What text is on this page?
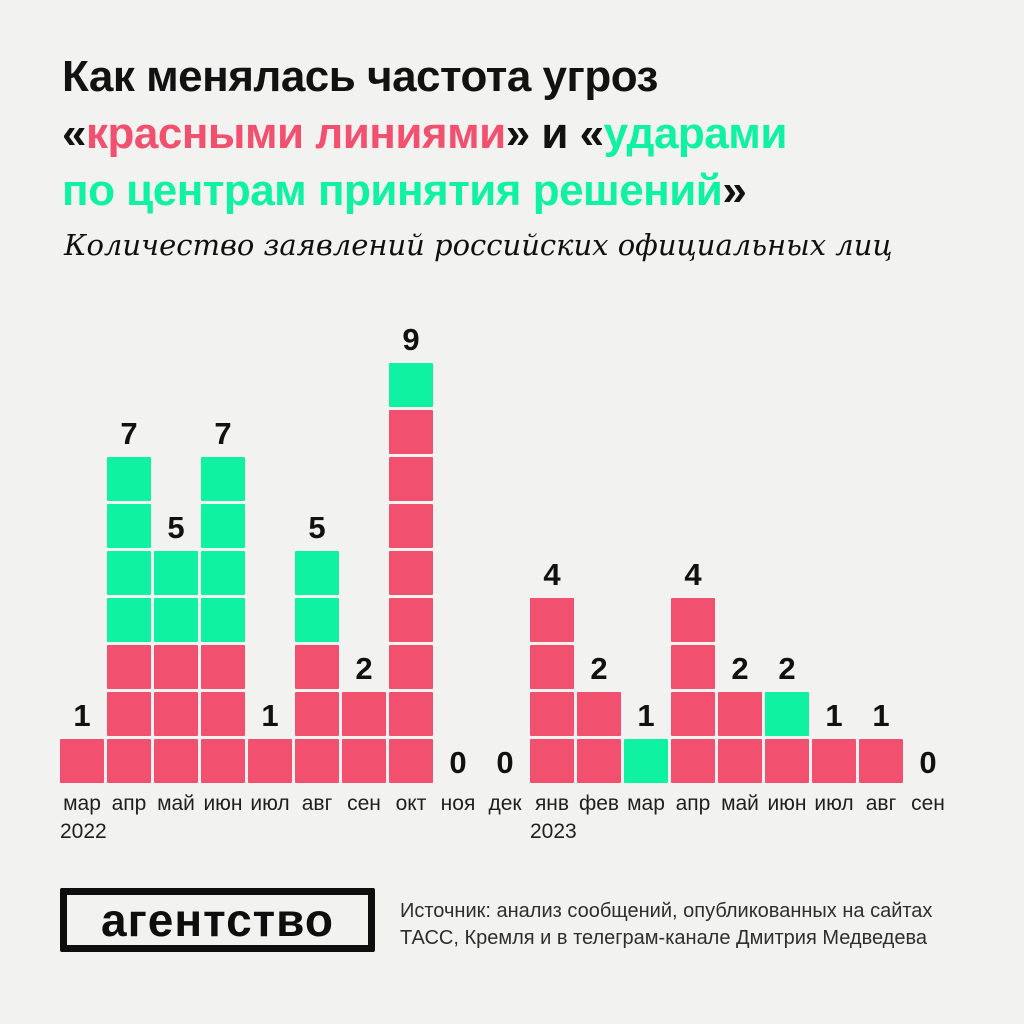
Как менялась частота угроз
«красными линиями» и «ударами
по центрам принятия решений»
Количество заявлений российских официальных лиц
1
7
5
7
1
5
2
9
0 0
4
2
1
4
2 2
1 1
0
мар
2022
апр май июн июл авг сен окт ноя дек янв
2023
фев мар апр май июн июл авг сен
агентство	Источник: анализ сообщений, опубликованных на сайтах
ТАСС, Кремля и в телеграм-канале Дмитрия Медведева
